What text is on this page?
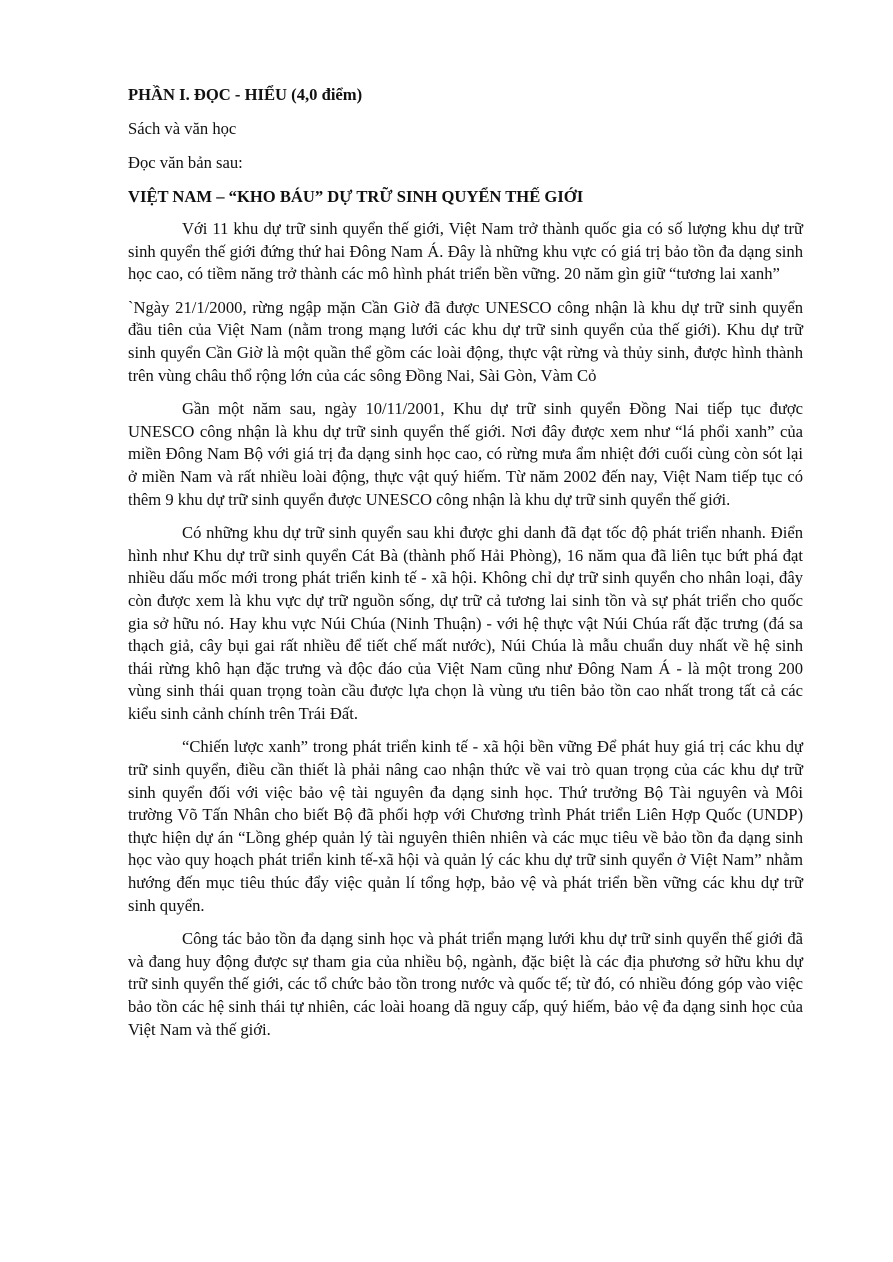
PHẦN I. ĐỌC - HIỂU (4,0 điểm)

Sách và văn học

Đọc văn bản sau:

VIỆT NAM – “KHO BÁU” DỰ TRỮ SINH QUYỂN THẾ GIỚI

Với 11 khu dự trữ sinh quyển thế giới, Việt Nam trở thành quốc gia có số lượng khu dự trữ sinh quyển thế giới đứng thứ hai Đông Nam Á. Đây là những khu vực có giá trị bảo tồn đa dạng sinh học cao, có tiềm năng trở thành các mô hình phát triển bền vững. 20 năm gìn giữ “tương lai xanh”

`Ngày 21/1/2000, rừng ngập mặn Cần Giờ đã được UNESCO công nhận là khu dự trữ sinh quyển đầu tiên của Việt Nam (nằm trong mạng lưới các khu dự trữ sinh quyển của thế giới). Khu dự trữ sinh quyển Cần Giờ là một quần thể gồm các loài động, thực vật rừng và thủy sinh, được hình thành trên vùng châu thổ rộng lớn của các sông Đồng Nai, Sài Gòn, Vàm Cỏ

Gần một năm sau, ngày 10/11/2001, Khu dự trữ sinh quyển Đồng Nai tiếp tục được UNESCO công nhận là khu dự trữ sinh quyển thế giới. Nơi đây được xem như “lá phổi xanh” của miền Đông Nam Bộ với giá trị đa dạng sinh học cao, có rừng mưa ẩm nhiệt đới cuối cùng còn sót lại ở miền Nam và rất nhiều loài động, thực vật quý hiếm. Từ năm 2002 đến nay, Việt Nam tiếp tục có thêm 9 khu dự trữ sinh quyển được UNESCO công nhận là khu dự trữ sinh quyển thế giới.

Có những khu dự trữ sinh quyển sau khi được ghi danh đã đạt tốc độ phát triển nhanh. Điển hình như Khu dự trữ sinh quyển Cát Bà (thành phố Hải Phòng), 16 năm qua đã liên tục bứt phá đạt nhiều dấu mốc mới trong phát triển kinh tế - xã hội. Không chỉ dự trữ sinh quyển cho nhân loại, đây còn được xem là khu vực dự trữ nguồn sống, dự trữ cả tương lai sinh tồn và sự phát triển cho quốc gia sở hữu nó. Hay khu vực Núi Chúa (Ninh Thuận) - với hệ thực vật Núi Chúa rất đặc trưng (đá sa thạch giả, cây bụi gai rất nhiều để tiết chế mất nước), Núi Chúa là mẫu chuẩn duy nhất về hệ sinh thái rừng khô hạn đặc trưng và độc đáo của Việt Nam cũng như Đông Nam Á - là một trong 200 vùng sinh thái quan trọng toàn cầu được lựa chọn là vùng ưu tiên bảo tồn cao nhất trong tất cả các kiểu sinh cảnh chính trên Trái Đất.

“Chiến lược xanh” trong phát triển kinh tế - xã hội bền vững Để phát huy giá trị các khu dự trữ sinh quyển, điều cần thiết là phải nâng cao nhận thức về vai trò quan trọng của các khu dự trữ sinh quyển đối với việc bảo vệ tài nguyên đa dạng sinh học. Thứ trưởng Bộ Tài nguyên và Môi trường Võ Tấn Nhân cho biết Bộ đã phối hợp với Chương trình Phát triển Liên Hợp Quốc (UNDP) thực hiện dự án “Lồng ghép quản lý tài nguyên thiên nhiên và các mục tiêu về bảo tồn đa dạng sinh học vào quy hoạch phát triển kinh tế-xã hội và quản lý các khu dự trữ sinh quyển ở Việt Nam” nhằm hướng đến mục tiêu thúc đẩy việc quản lí tổng hợp, bảo vệ và phát triển bền vững các khu dự trữ sinh quyển.

Công tác bảo tồn đa dạng sinh học và phát triển mạng lưới khu dự trữ sinh quyển thế giới đã và đang huy động được sự tham gia của nhiều bộ, ngành, đặc biệt là các địa phương sở hữu khu dự trữ sinh quyển thế giới, các tổ chức bảo tồn trong nước và quốc tế; từ đó, có nhiều đóng góp vào việc bảo tồn các hệ sinh thái tự nhiên, các loài hoang dã nguy cấp, quý hiếm, bảo vệ đa dạng sinh học của Việt Nam và thế giới.
